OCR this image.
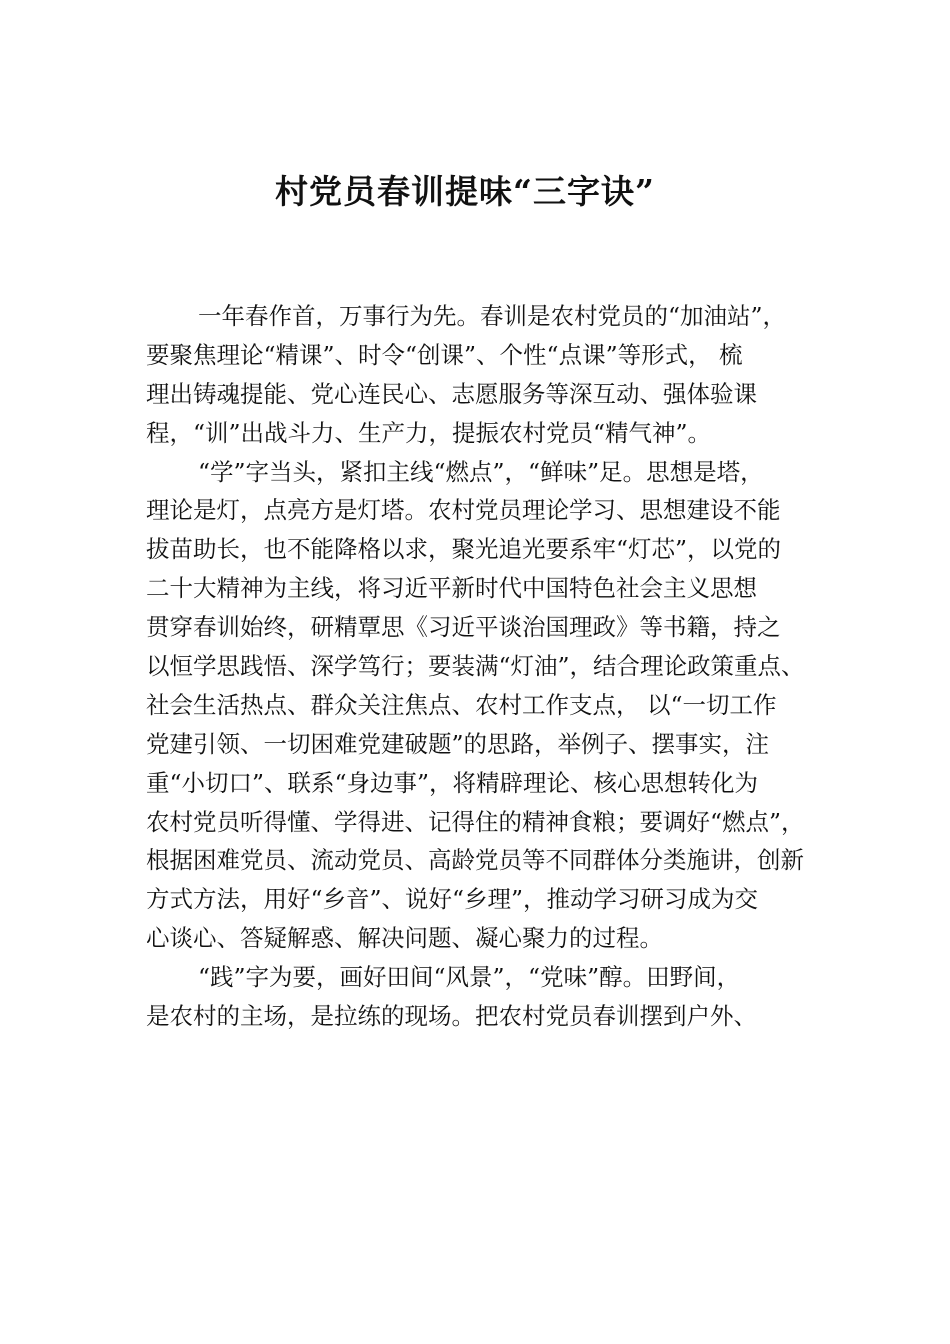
村党员春训提味“三字诀”
一年春作首，万事行为先。春训是农村党员的“加油站”，
要聚焦理论“精课”、时令“创课”、个性“点课”等形式， 梳
理出铸魂提能、党心连民心、志愿服务等深互动、强体验课
程，“训”出战斗力、生产力，提振农村党员“精气神”。
“学”字当头，紧扣主线“燃点”，“鲜味”足。思想是塔，
理论是灯，点亮方是灯塔。农村党员理论学习、思想建设不能
拔苗助长，也不能降格以求，聚光追光要系牢“灯芯”，以党的
二十大精神为主线，将习近平新时代中国特色社会主义思想
贯穿春训始终，研精覃思《习近平谈治国理政》等书籍，持之
以恒学思践悟、深学笃行；要装满“灯油”，结合理论政策重点、
社会生活热点、群众关注焦点、农村工作支点， 以“一切工作
党建引领、一切困难党建破题”的思路，举例子、摆事实，注
重“小切口”、联系“身边事”，将精辟理论、核心思想转化为
农村党员听得懂、学得进、记得住的精神食粮；要调好“燃点”，
根据困难党员、流动党员、高龄党员等不同群体分类施讲，创新
方式方法，用好“乡音”、说好“乡理”，推动学习研习成为交
心谈心、答疑解惑、解决问题、凝心聚力的过程。
“践”字为要，画好田间“风景”，“党味”醇。田野间，
是农村的主场，是拉练的现场。把农村党员春训摆到户外、
